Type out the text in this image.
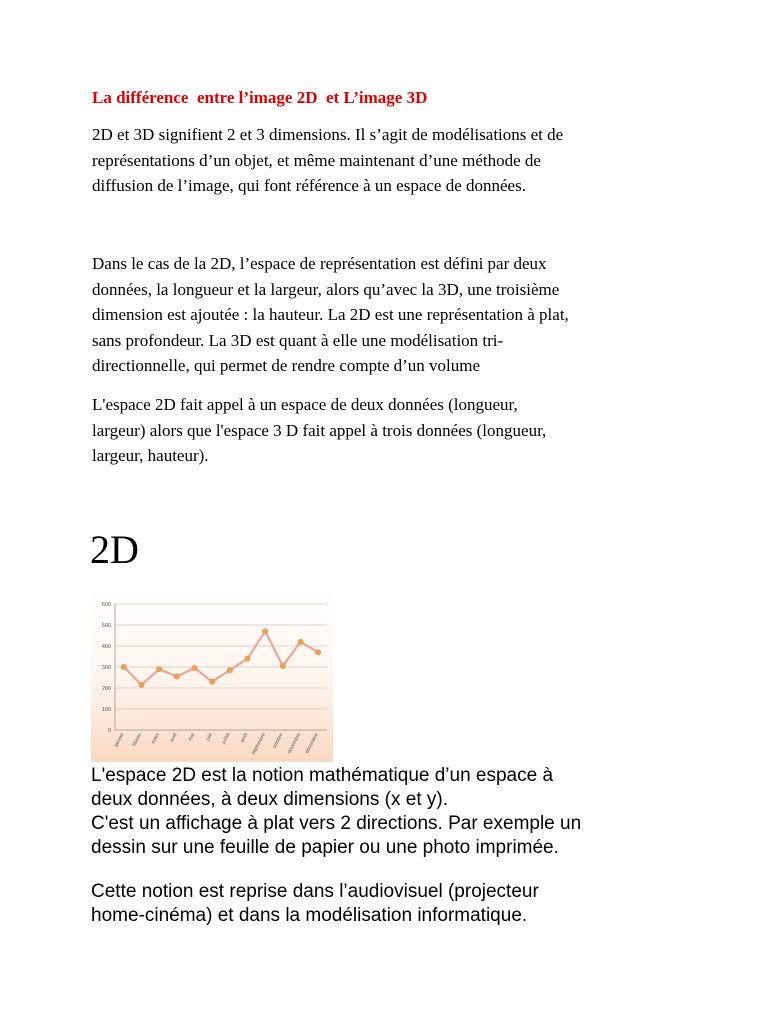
La différence  entre l’image 2D  et L’image 3D

2D et 3D signifient 2 et 3 dimensions. Il s’agit de modélisations et de
représentations d’un objet, et même maintenant d’une méthode de
diffusion de l’image, qui font référence à un espace de données.

Dans le cas de la 2D, l’espace de représentation est défini par deux
données, la longueur et la largeur, alors qu’avec la 3D, une troisième
dimension est ajoutée : la hauteur. La 2D est une représentation à plat,
sans profondeur. La 3D est quant à elle une modélisation tri-
directionnelle, qui permet de rendre compte d’un volume

L'espace 2D fait appel à un espace de deux données (longueur,
largeur) alors que l'espace 3 D fait appel à trois données (longueur,
largeur, hauteur).

2D
0
100
200
300
400
500
600
janvier février mars avril mai juin juillet août septembre octobre novembre décembre
L'espace 2D est la notion mathématique d’un espace à
deux données, à deux dimensions (x et y).
C'est un affichage à plat vers 2 directions. Par exemple un
dessin sur une feuille de papier ou une photo imprimée.
Cette notion est reprise dans l’audiovisuel (projecteur
home-cinéma) et dans la modélisation informatique.
